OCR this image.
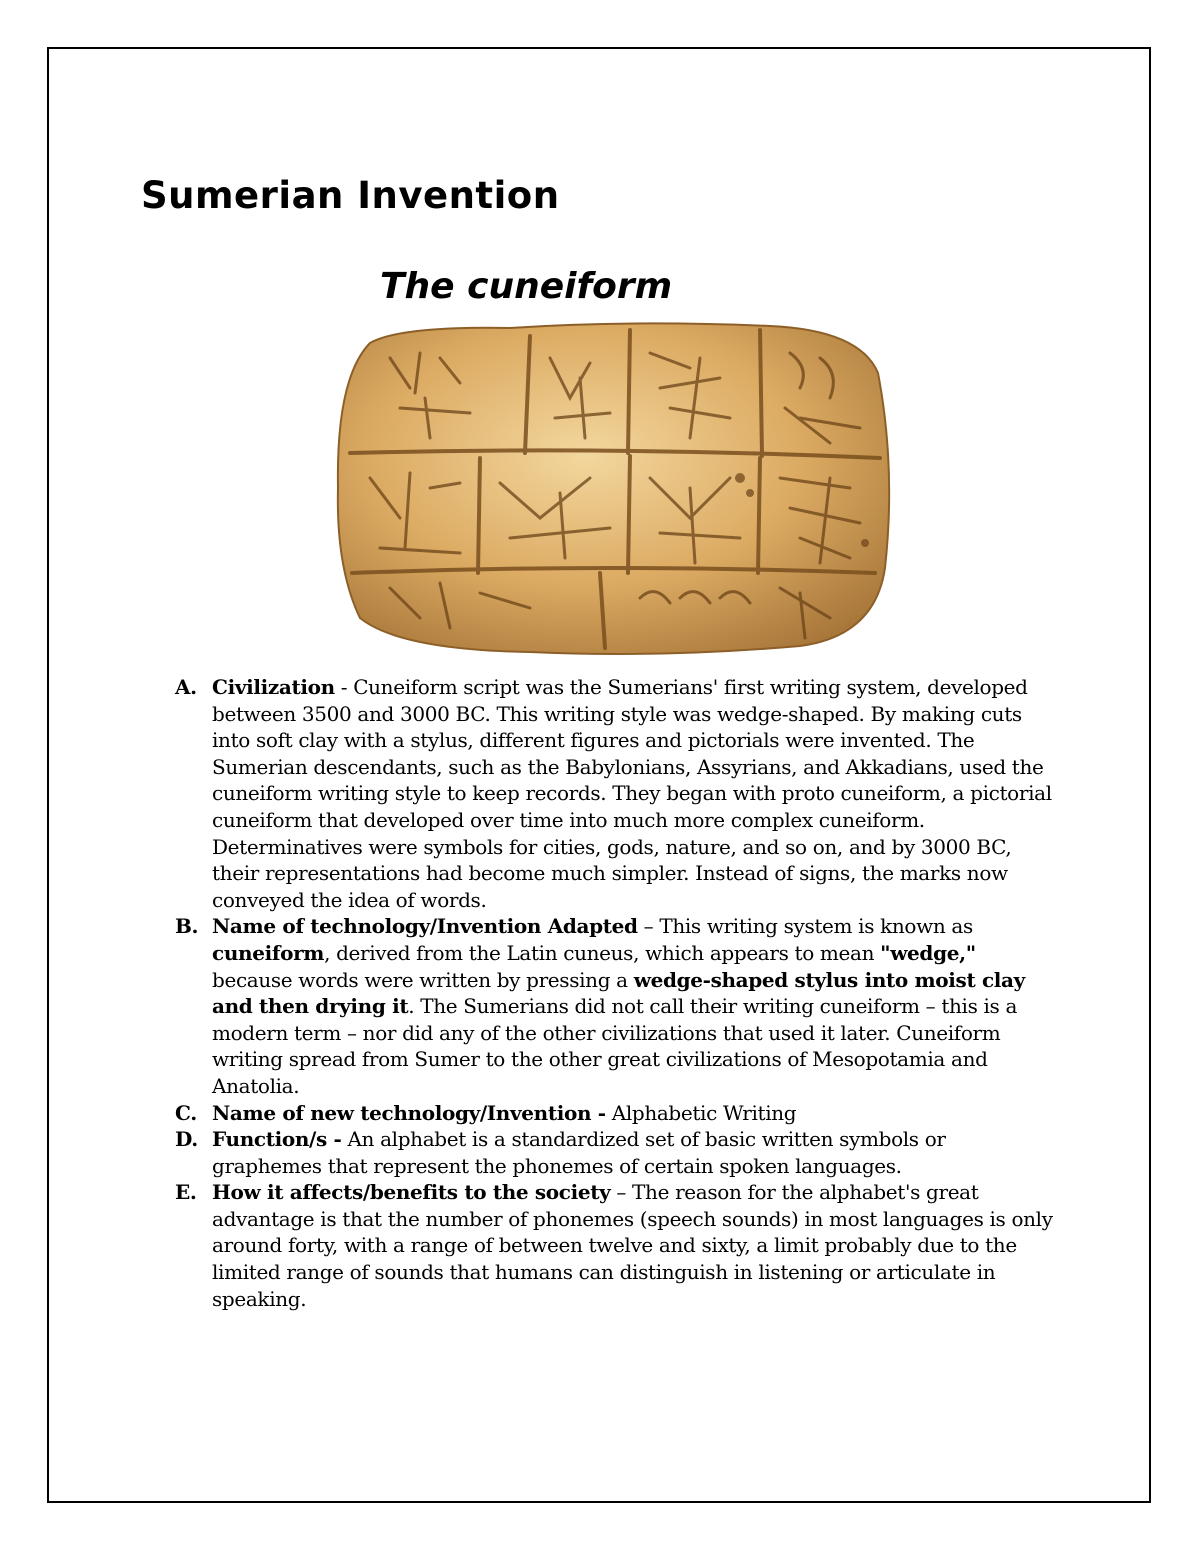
Sumerian Invention
The cuneiform
A. Civilization - Cuneiform script was the Sumerians' first writing system, developed between 3500 and 3000 BC. This writing style was wedge-shaped. By making cuts into soft clay with a stylus, different figures and pictorials were invented. The Sumerian descendants, such as the Babylonians, Assyrians, and Akkadians, used the cuneiform writing style to keep records. They began with proto cuneiform, a pictorial cuneiform that developed over time into much more complex cuneiform. Determinatives were symbols for cities, gods, nature, and so on, and by 3000 BC, their representations had become much simpler. Instead of signs, the marks now conveyed the idea of words.
B. Name of technology/Invention Adapted – This writing system is known as cuneiform, derived from the Latin cuneus, which appears to mean "wedge," because words were written by pressing a wedge-shaped stylus into moist clay and then drying it. The Sumerians did not call their writing cuneiform – this is a modern term – nor did any of the other civilizations that used it later. Cuneiform writing spread from Sumer to the other great civilizations of Mesopotamia and Anatolia.
C. Name of new technology/Invention - Alphabetic Writing
D. Function/s - An alphabet is a standardized set of basic written symbols or graphemes that represent the phonemes of certain spoken languages.
E. How it affects/benefits to the society – The reason for the alphabet's great advantage is that the number of phonemes (speech sounds) in most languages is only around forty, with a range of between twelve and sixty, a limit probably due to the limited range of sounds that humans can distinguish in listening or articulate in speaking.
